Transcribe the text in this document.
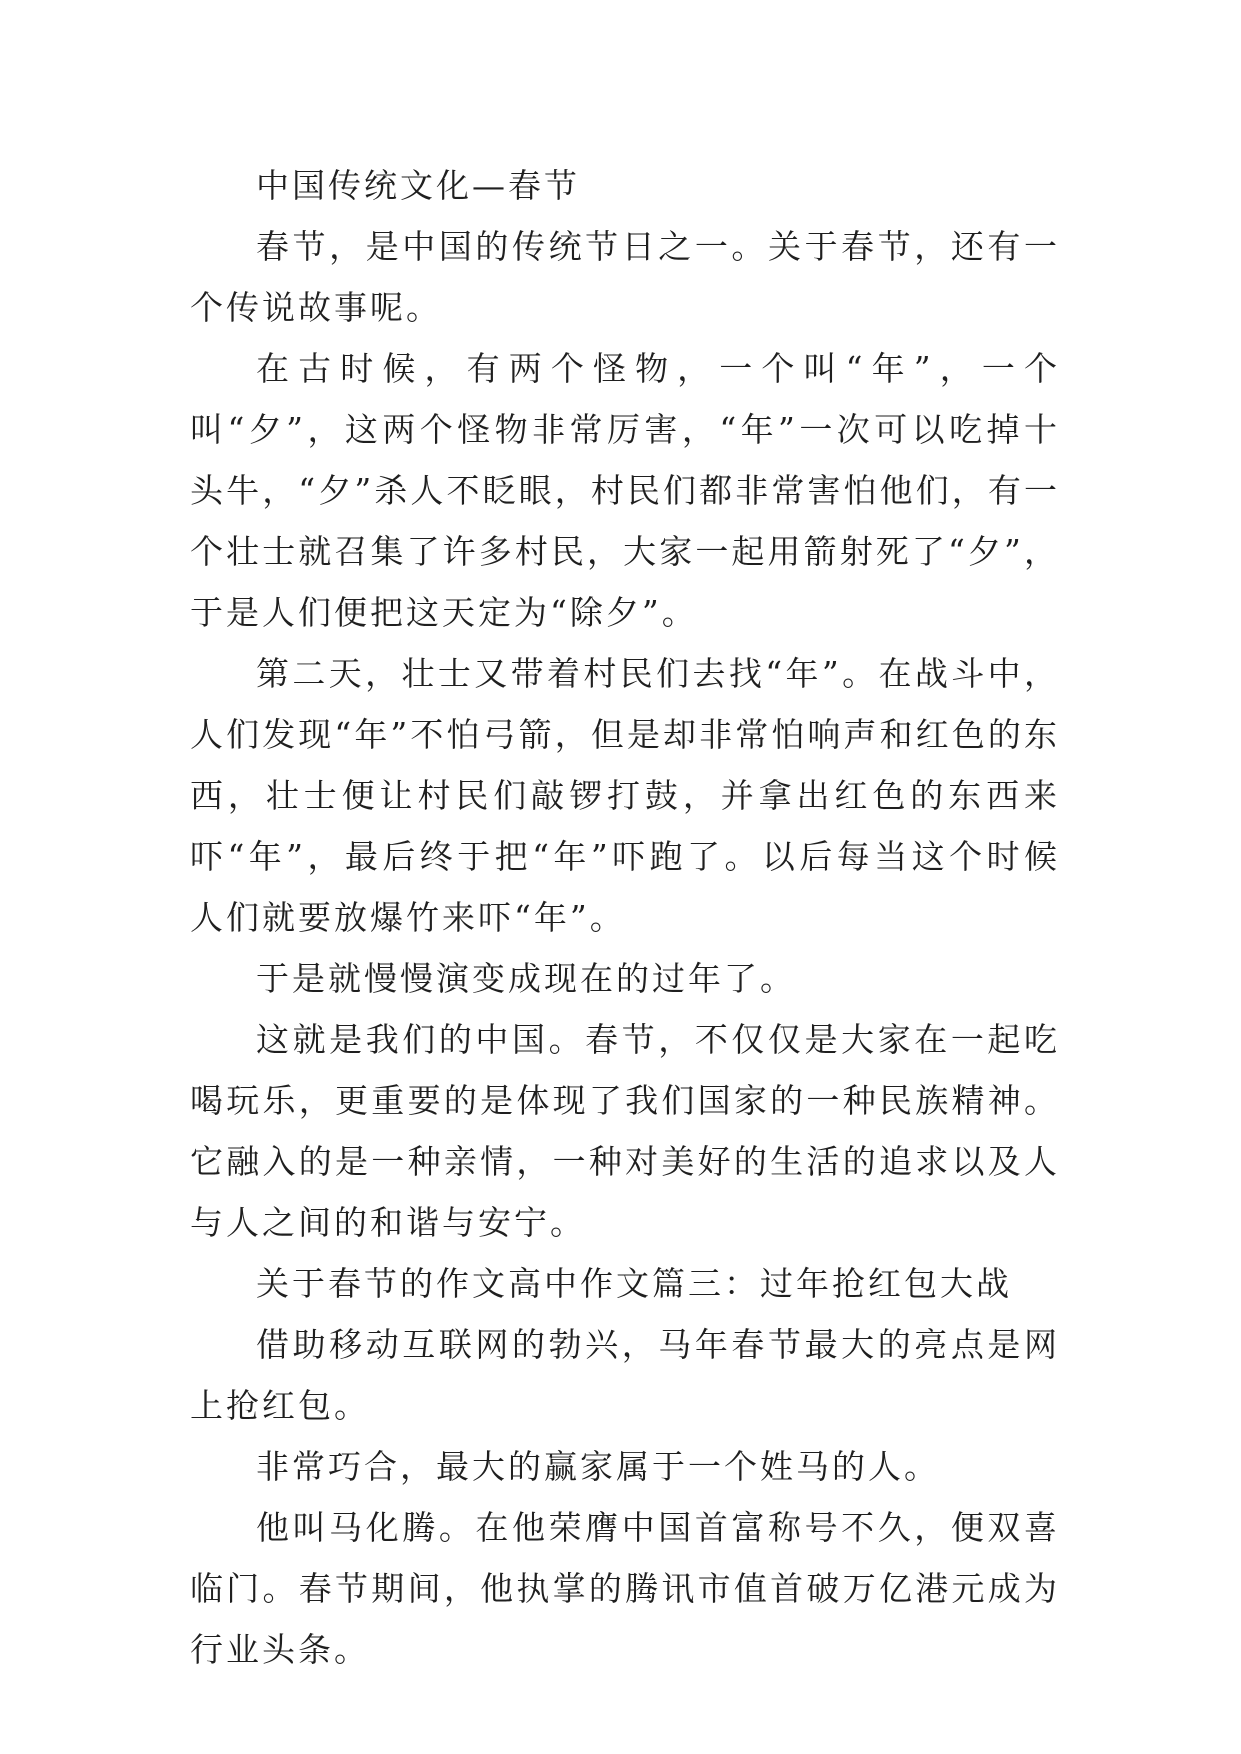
中国传统文化—春节

春节，是中国的传统节日之一。关于春节，还有一个传说故事呢。

在古时候，有两个怪物，一个叫“年”，一个叫“夕”，这两个怪物非常厉害，“年”一次可以吃掉十头牛，“夕”杀人不眨眼，村民们都非常害怕他们，有一个壮士就召集了许多村民，大家一起用箭射死了“夕”，于是人们便把这天定为“除夕”。

第二天，壮士又带着村民们去找“年”。在战斗中，人们发现“年”不怕弓箭，但是却非常怕响声和红色的东西，壮士便让村民们敲锣打鼓，并拿出红色的东西来吓“年”，最后终于把“年”吓跑了。以后每当这个时候人们就要放爆竹来吓“年”。

于是就慢慢演变成现在的过年了。

这就是我们的中国。春节，不仅仅是大家在一起吃喝玩乐，更重要的是体现了我们国家的一种民族精神。它融入的是一种亲情，一种对美好的生活的追求以及人与人之间的和谐与安宁。

关于春节的作文高中作文篇三：过年抢红包大战

借助移动互联网的勃兴，马年春节最大的亮点是网上抢红包。

非常巧合，最大的赢家属于一个姓马的人。

他叫马化腾。在他荣膺中国首富称号不久，便双喜临门。春节期间，他执掌的腾讯市值首破万亿港元成为行业头条。
